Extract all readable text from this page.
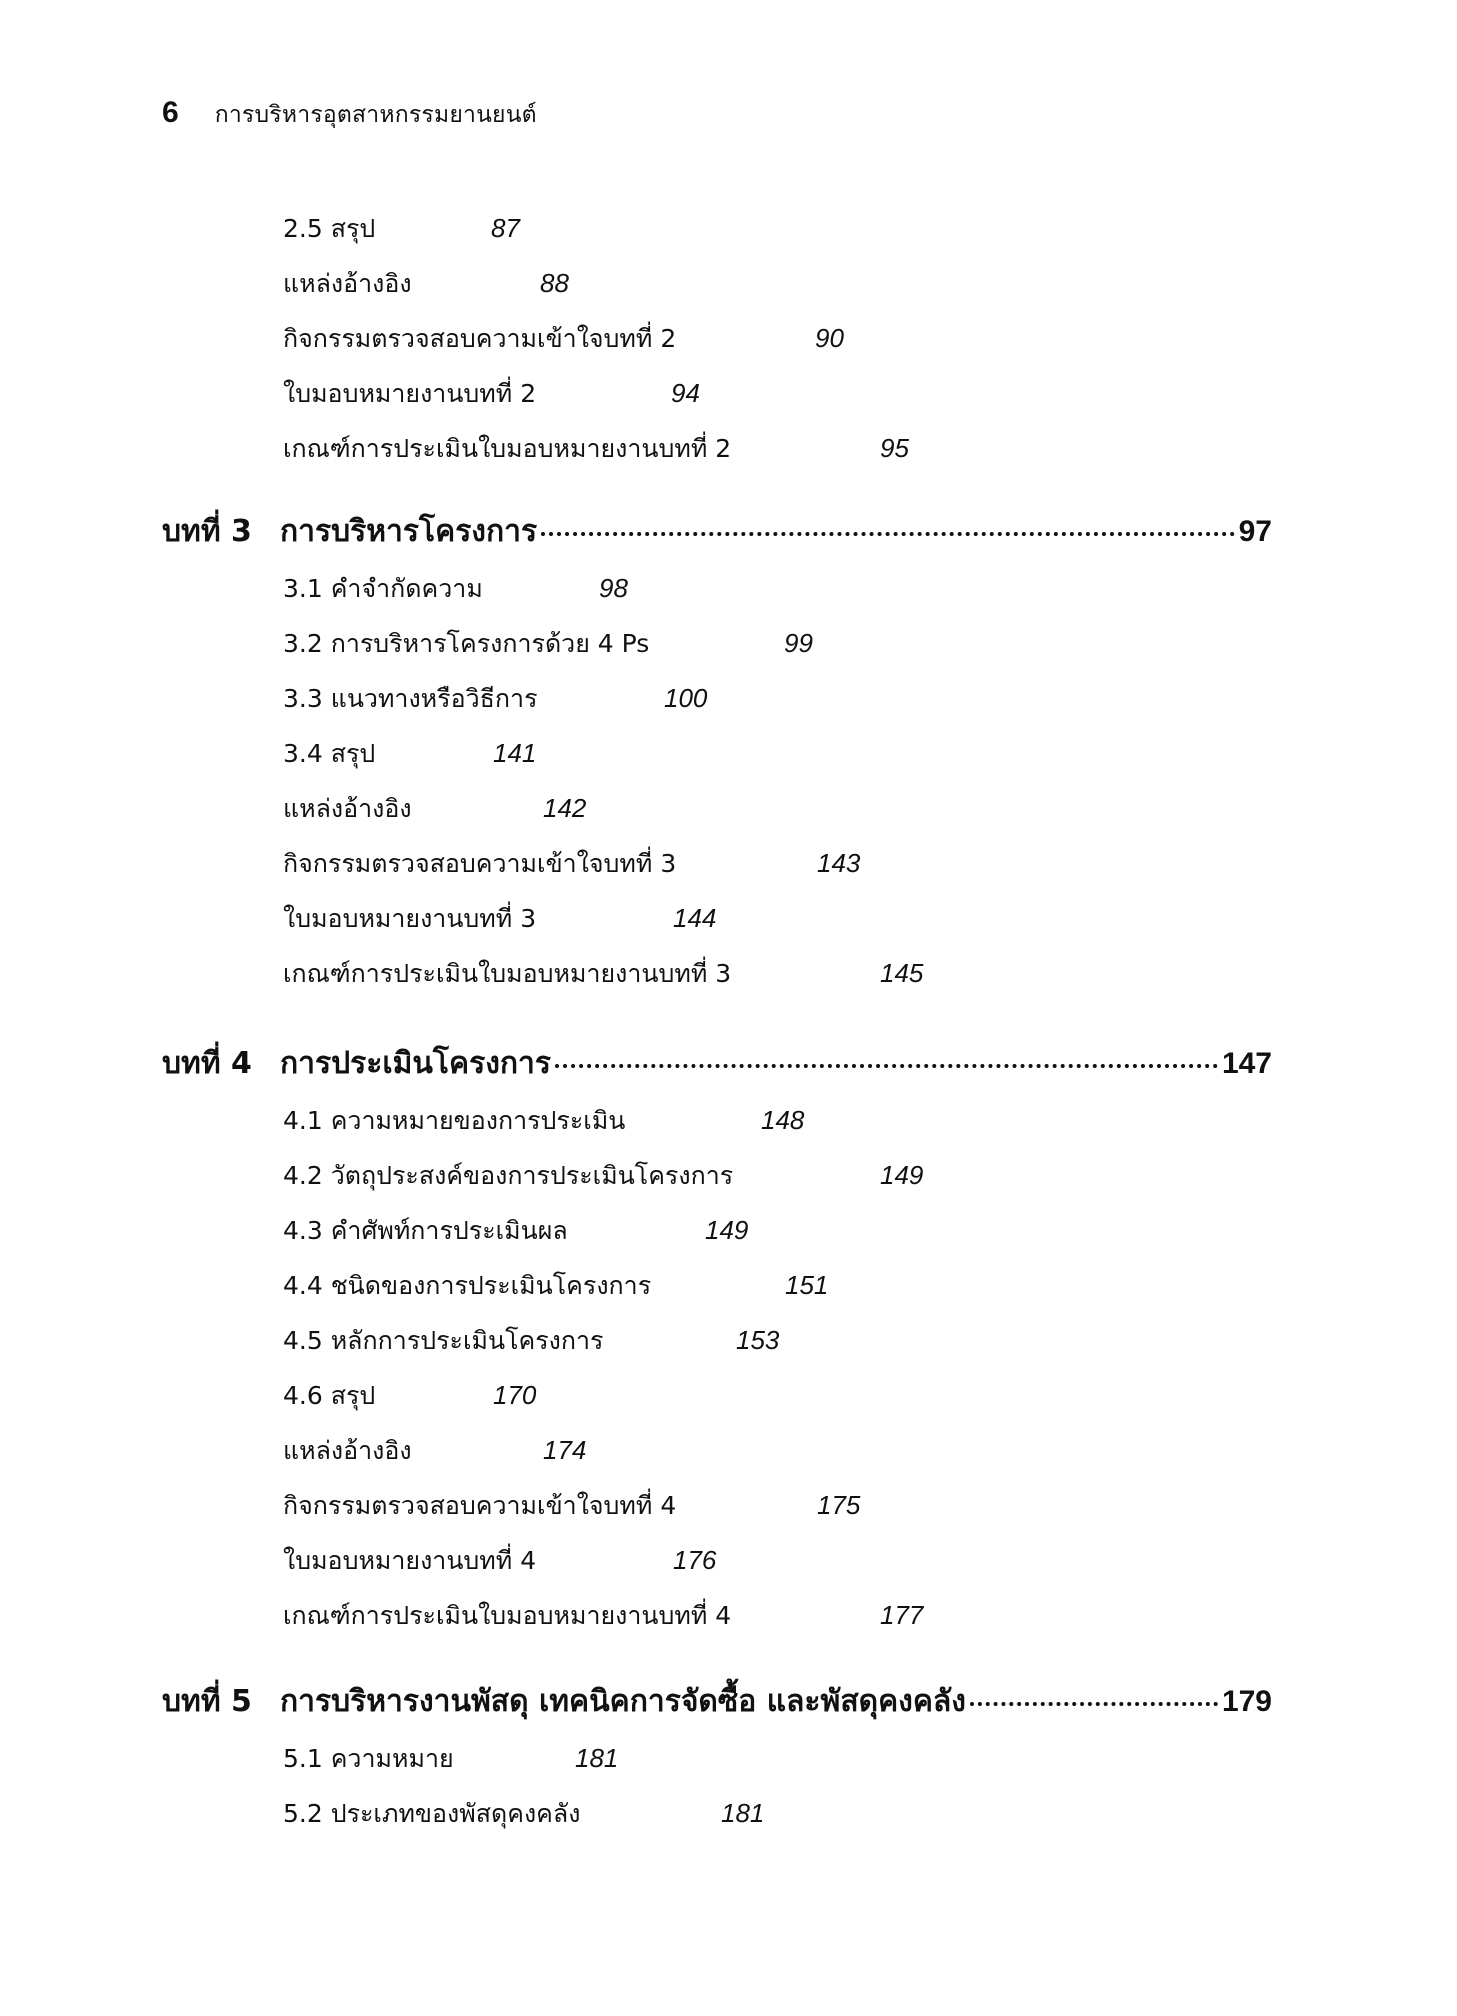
6 การบริหารอุตสาหกรรมยานยนต์
2.5 สรุป	87
แหล่งอ้างอิง	88
กิจกรรมตรวจสอบความเข้าใจบทที่ 2	90
ใบมอบหมายงานบทที่ 2	94
เกณฑ์การประเมินใบมอบหมายงานบทที่ 2	95
บทที่ 3 การบริหารโครงการ	97
3.1 คำจำกัดความ	98
3.2 การบริหารโครงการด้วย 4 Ps	99
3.3 แนวทางหรือวิธีการ	100
3.4 สรุป	141
แหล่งอ้างอิง	142
กิจกรรมตรวจสอบความเข้าใจบทที่ 3	143
ใบมอบหมายงานบทที่ 3	144
เกณฑ์การประเมินใบมอบหมายงานบทที่ 3	145
บทที่ 4 การประเมินโครงการ	147
4.1 ความหมายของการประเมิน	148
4.2 วัตถุประสงค์ของการประเมินโครงการ	149
4.3 คำศัพท์การประเมินผล	149
4.4 ชนิดของการประเมินโครงการ	151
4.5 หลักการประเมินโครงการ	153
4.6 สรุป	170
แหล่งอ้างอิง	174
กิจกรรมตรวจสอบความเข้าใจบทที่ 4	175
ใบมอบหมายงานบทที่ 4	176
เกณฑ์การประเมินใบมอบหมายงานบทที่ 4	177
บทที่ 5 การบริหารงานพัสดุ เทคนิคการจัดซื้อ และพัสดุคงคลัง	179
5.1 ความหมาย	181
5.2 ประเภทของพัสดุคงคลัง	181
